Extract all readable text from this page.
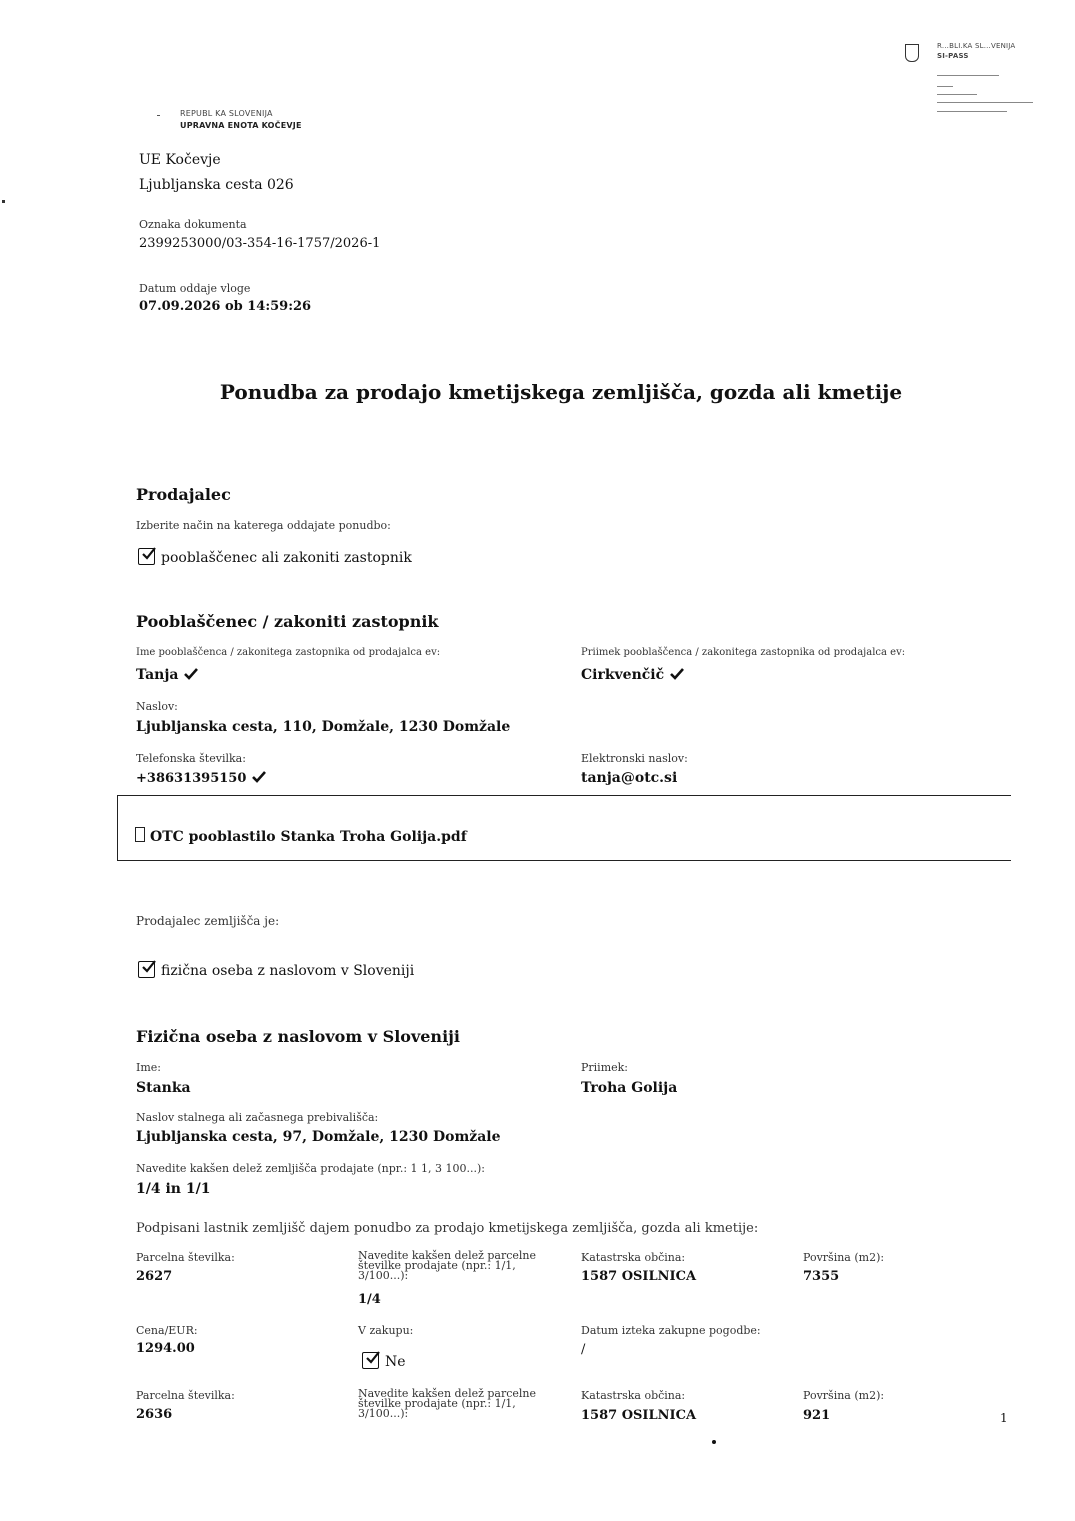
R...BLI.KA SL...VENIJA
SI-PASS
REPUBL KA SLOVENIJA
UPRAVNA ENOTA KOČEVJE
UE Kočevje
Ljubljanska cesta 026
Oznaka dokumenta
2399253000/03-354-16-1757/2026-1
Datum oddaje vloge
07.09.2026 ob 14:59:26
Ponudba za prodajo kmetijskega zemljišča, gozda ali kmetije
Prodajalec
Izberite način na katerega oddajate ponudbo:
pooblaščenec ali zakoniti zastopnik
Pooblaščenec / zakoniti zastopnik
Ime pooblaščenca / zakonitega zastopnika od prodajalca ev:
Tanja
Priimek pooblaščenca / zakonitega zastopnika od prodajalca ev:
Cirkvenčič
Naslov:
Ljubljanska cesta, 110, Domžale, 1230 Domžale
Telefonska številka:
+38631395150
Elektronski naslov:
tanja@otc.si
OTC pooblastilo Stanka Troha Golija.pdf
Prodajalec zemljišča je:
fizična oseba z naslovom v Sloveniji
Fizična oseba z naslovom v Sloveniji
Ime:
Stanka
Priimek:
Troha Golija
Naslov stalnega ali začasnega prebivališča:
Ljubljanska cesta, 97, Domžale, 1230 Domžale
Navedite kakšen delež zemljišča prodajate (npr.: 1 1, 3 100...):
1/4 in 1/1
Podpisani lastnik zemljišč dajem ponudbo za prodajo kmetijskega zemljišča, gozda ali kmetije:
Parcelna številka:
2627
Navedite kakšen delež parcelne številke prodajate (npr.: 1/1, 3/100...):
1/4
Katastrska občina:
1587 OSILNICA
Površina (m2):
7355
Cena/EUR:
1294.00
V zakupu:
Ne
Datum izteka zakupne pogodbe:
/
Parcelna številka:
2636
Navedite kakšen delež parcelne številke prodajate (npr.: 1/1, 3/100...):
Katastrska občina:
1587 OSILNICA
Površina (m2):
921	1
